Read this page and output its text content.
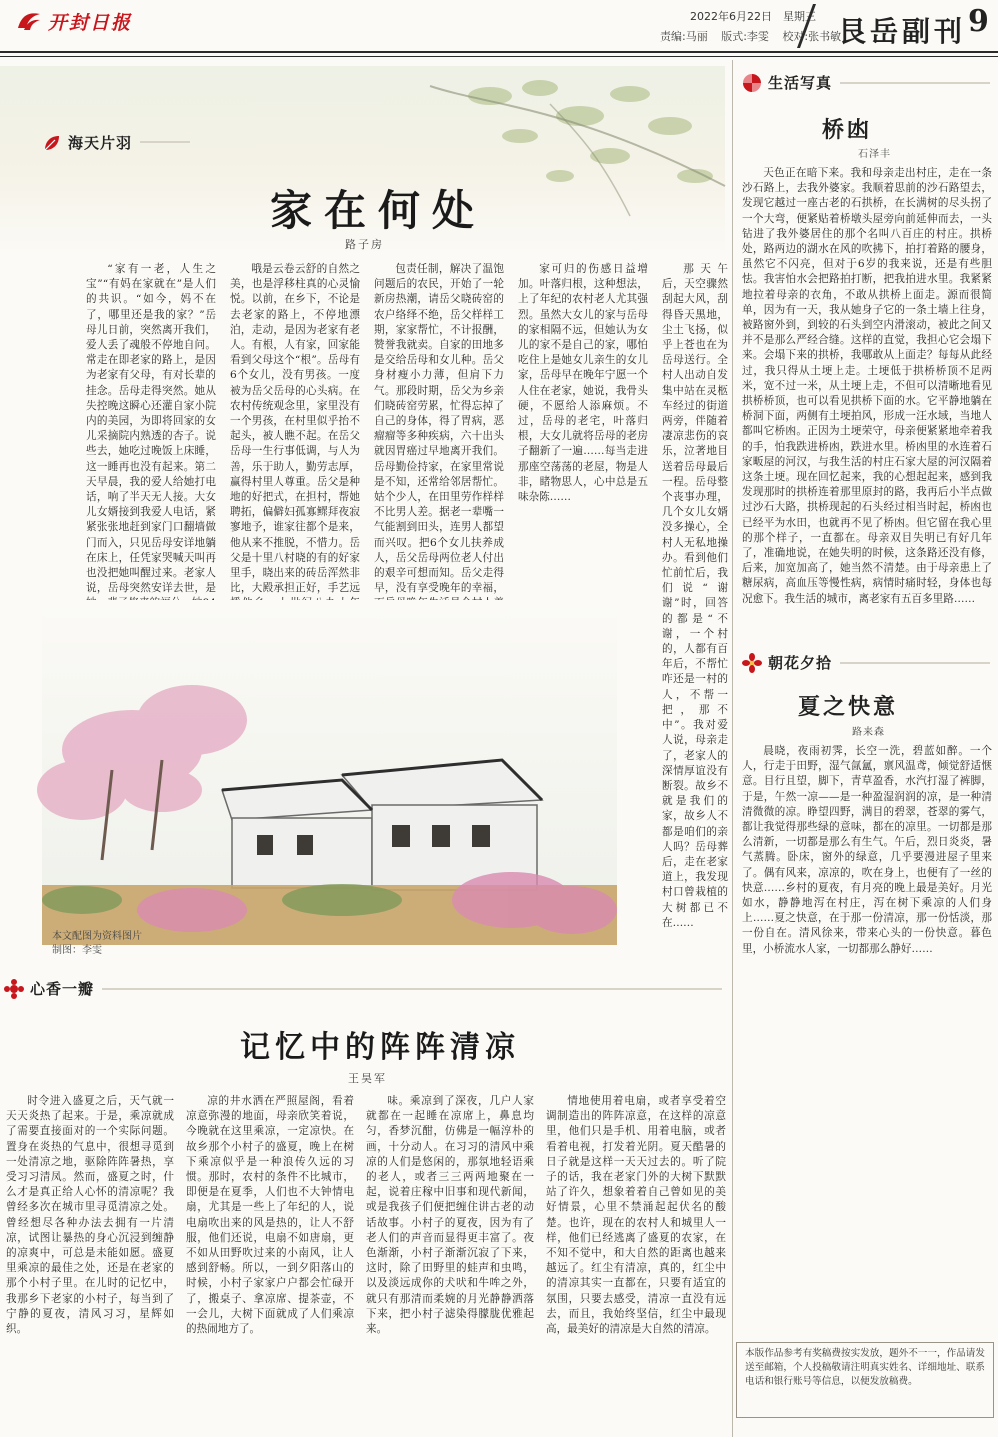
开封日报	2022年6月22日　星期三
责编:马丽 版式:李雯 校对:张书敏
艮岳副刊 9
海天片羽
家在何处
路子房

“家有一老，人生之宝”“有妈在家就在”是人们的共识。“如今，妈不在了，哪里还是我的家？”岳母儿日前，突然离开我们，爱人丢了魂般不停地自问。常走在即老家的路上，是因为老家有父母，有对长辈的挂念。岳母走得突然。她从失控晚这瞬心还灌自家小院内的美园，为即将回家的女儿采摘院内熟透的杏子。说些去，她吃过晚饭上床睡，这一睡再也没有起来。第二天早晨，我的爱人给她打电话，响了半天无人接。大女儿女婿接到我爱人电话，紧紧张张地赶到家门口翻墙做门而入，只见岳母安详地躺在床上，任凭家哭喊天叫再也没把她叫醒过来。老家人说，岳母突然安详去世，是

哦是云卷云舒的自然之美，也是浮移柱真的心灵愉悦。以前，在乡下，不论是去老家的路上，不停地漂泊，走动，是因为老家有老人。有根，人有家，回家能看到父母这个“根”。岳母有6个女儿，没有男孩。一度被为岳父岳母的心头病。在农村传统观念里，家里没有一个男孩，在村里似乎抬不起头，被人瞧不起。在岳父岳母一生行事低调，与人为善，乐于助人，勤劳志厚，赢得村里人尊重。岳父是种地的好把式，在担村，帮她聘拓，偏僻妇孤寡鳏拜夜寂寥地予，谁家往都个是来，他从来不推脱，不惜力。岳父是十里八村晓的有的好家里手，晓出来的砖岳浑然非比，大殿承担正好，手艺远

包责任制，解决了温饱问题后的农民，开始了一轮新房热潮，请岳父晓砖窑的农户络绎不绝，岳父样样工期，家家帮忙，不计报酬，赞誉我就卖。自家的田地多是交给岳母和女儿种。岳父身材瘦小力薄，但肩下力气。那段时期，岳父为乡亲们晓砖窑劳累，忙得忘掉了自己的身体，得了胃病，恶瘤瘤等多种疾病，六十出头就因胃癌过早地离开我们。岳母勤俭持家，在家里常说是不知，还常给邻居帮忙。姑个少人，在田里劳作样样不比男人差。据老一辈嘴一气能割到田头，连男人都望而兴叹。把6个女儿扶养成人，岳父岳母两位老人付出的艰辛可想而知。岳父走得早，没有享受晚年的幸福，

家可归的伤感日益增加。叶落归根，这种想法，上了年纪的农村老人尤其强烈。虽然大女儿的家与岳母的家相隔不远，但她认为女儿的家不是自己的家，哪怕吃住上是她女儿亲生的女儿家，岳母早在晚年宁愿一个人住在老家，她说，我骨头硬，不愿给人添麻烦。不过，岳母的老宅，叶落归根，大女儿就将岳母的老房子翻新了一遍……每当走进那座空荡荡的老屋，物是人非，睹物思人，心中总是五味杂陈……

那天午后，天空骤然刮起大风，刮得昏天黑地，尘土飞扬，似乎上苍也在为岳母送行。全村人出动自发集中站在灵柩车经过的街道两旁，伴随着凄凉悲伤的哀乐，泣著地目送着岳母最后一程。岳母整个丧事办理，几个女儿女婿没多操心，全村人无私地操办。看到他们忙前忙后，我们说“谢谢”时，回答的都是“不谢，一个村的，人都有百年后，不帮忙咋还是一村的人，不帮一把，那不中”。我对爱人说，母亲走了，老家人的深情厚谊没有断裂。故乡不就是我们的家，故乡人不都是咱们的亲人吗？岳母葬后，走在老家道上，我发现村口曾栽植的大树都已不在……

本文配图为资料图片
制图：李雯
心香一瓣
记忆中的阵阵清凉
王昊军

时令进入盛夏之后，天气就一天天炎热了起来。于是，乘凉就成了需要直接面对的一个实际问题。置身在炎热的气息中，很想寻觅到一处清凉之地，驱除阵阵暑热，享受习习清凤。然而，盛夏之时，什么才是真正给人心怀的清凉呢？我曾经多次在城市里寻觅清凉之处。曾经想尽各种办法去拥有一片清凉，试图让暴热的身心沉浸到缠静的凉爽中，可总是未能如愿。盛夏里乘凉的最佳之处，还是在老家的那个小村子里。在儿时的记忆中，我那乡下老家的小村子，每当到了宁静的夏夜，清风习习，星辉如织。

凉的井水洒在严照屋阁，看着凉意弥漫的地面，母亲欣笑着说，今晚就在这里乘凉，一定凉快。在故乡那个小村子的盛夏，晚上在树下乘凉似乎是一种浪传久远的习惯。那时，农村的条件不比城市，即便是在夏季，人们也不大钟情电扇，尤其是一些上了年纪的人，说电扇吹出来的风是热的，让人不舒服，他们还说，电扇不如唐扇，更不如从田野吹过来的小南风，让人感到舒畅。所以，一到夕阳落山的时候，小村子家家户户都会忙碌开了，搬桌子、拿凉席、提茶壶，不一会儿，大树下面就成了人们乘凉的热闹地方了。

味。乘凉到了深夜，几户人家就都在一起睡在凉席上，鼻息均匀，香梦沉酣，仿佛是一幅淳朴的画，十分动人。在习习的清风中乘凉的人们是悠闲的，那氛地轻语乘的老人，或者三三两两地聚在一起，说着庄稼中旧事和现代新闻，或是我孩子们便把缠住讲古老的动话故事。小村子的夏夜，因为有了老人们的声音而显得更丰富了。夜色渐渐，小村子渐渐沉寂了下来，这时，除了田野里的蛙声和虫鸣，以及淡远成你的犬吠和牛哞之外，就只有那清而柔婉的月光静静洒落下来，把小村子滤染得朦胧优雅起来。

情地使用着电扇，或者享受着空调制造出的阵阵凉意，在这样的凉意里，他们只是手机、用着电脑，或者看着电视，打发着光阴。夏天酷暑的日子就是这样一天天过去的。听了院子的话，我在老家门外的大树下默默站了许久，想象着着自己曾如见的美好情景，心里不禁涌起起伏名的酸楚。也许，现在的农村人和城里人一样，他们已经逃离了盛夏的农家，在不知不觉中，和大自然的距离也越来越远了。红尘有清凉，真的，红尘中的清凉其实一直都在，只要有适宜的氛围，只要去感受，清凉一直没有远去，而且，我始终坚信，红尘中最现高，最美好的清凉是大自然的清凉。

生活写真
桥凼
石泽丰

天色正在暗下来。我和母亲走出村庄，走在一条沙石路上，去我外婆家。我顺着思前的沙石路望去，发现它越过一座古老的石拱桥，在长满树的尽头拐了一个大弯，便紧贴着桥墩头屋旁向前延伸而去，一头钻进了我外婆居住的那个名叫八百庄的村庄。拱桥处，路两边的湖水在风的吹拂下，拍打着路的腰身，虽然它不闪亮，但对于6岁的我来说，还是有些胆怯。我害怕水会把路拍打断，把我拍进水里。我紧紧地拉着母亲的衣角，不敢从拱桥上面走。源而很简单，因为有一天，我从她身子它的一条土墙上往身，被路窗外到，到较的石头到空内滑滚动，被此之间又并不是那么严经合缝。这样的直觉，我担心它会塌下来。会塌下来的拱桥，我哪敢从上面走？每每从此经过，我只得从土埂上走。土埂低于拱桥桥顶不足两米，宽不过一米，从土埂上走，不但可以清晰地看见拱桥桥顶，也可以看见拱桥下面的水。它平静地躺在桥洞下面，两侧有土埂拍风，形成一汪水域，当地人都叫它桥凼。正因为土埂荣守，母亲便紧紧地牵着我的手，怕我跌进桥凼，跌进水里。桥凼里的水连着石家畈屋的河汉，与我生活的村庄石家大屋的河汉隔着这条土埂。现在回忆起来，我的心想起起来，感到我发现那时的拱桥连着那里原封的路，我再后小半点做过沙石大路，拱桥现起的石头经过相当时起，桥凼也已经平为水田，也就再不见了桥凼。但它留在我心里的那个样子，一直都在。母亲双目失明已有好几年了，准确地说，在她失明的时候，这条路还没有修，后来，加宽加高了，她当然不清楚。由于母亲患上了糖尿病，高血压等慢性病，病情时痛时轻，身体也每况愈下。我生活的城市，离老家有五百多里路……

朝花夕拾
夏之快意
路来森

晨晓，夜雨初霁，长空一洗，碧蓝如醉。一个人，行走于田野，湿气氤氲，禀风温鸢，倾觉舒适惬意。目行且望，脚下，青草盈香，水汽打湿了裤脚，于是，午然一凉——是一种盈湿润润的凉，是一种清清微微的凉。睁望四野，满目的碧翠，苍翠的雾气，都让我觉得那些绿的意味，都在的凉里。一切都是那么清新，一切都是那么有生气。午后，烈日炎炎，暑气蒸腾。卧床，窗外的绿意，几乎要漫进屋子里来了。偶有风来，凉凉的，吹在身上，也便有了一丝的快意……乡村的夏夜，有月亮的晚上最是美好。月光如水，静静地泻在村庄，泻在树下乘凉的人们身上……夏之快意，在于那一份清凉，那一份恬淡，那一份自在。清风徐来，带来心头的一份快意。暮色里，小桥流水人家，一切都那么静好……

本版作品参考有奖稿费按实发放，题外不一一，作品请发送至邮箱，个人投稿敬请注明真实姓名、详细地址、联系电话和银行账号等信息，以便发放稿费。
